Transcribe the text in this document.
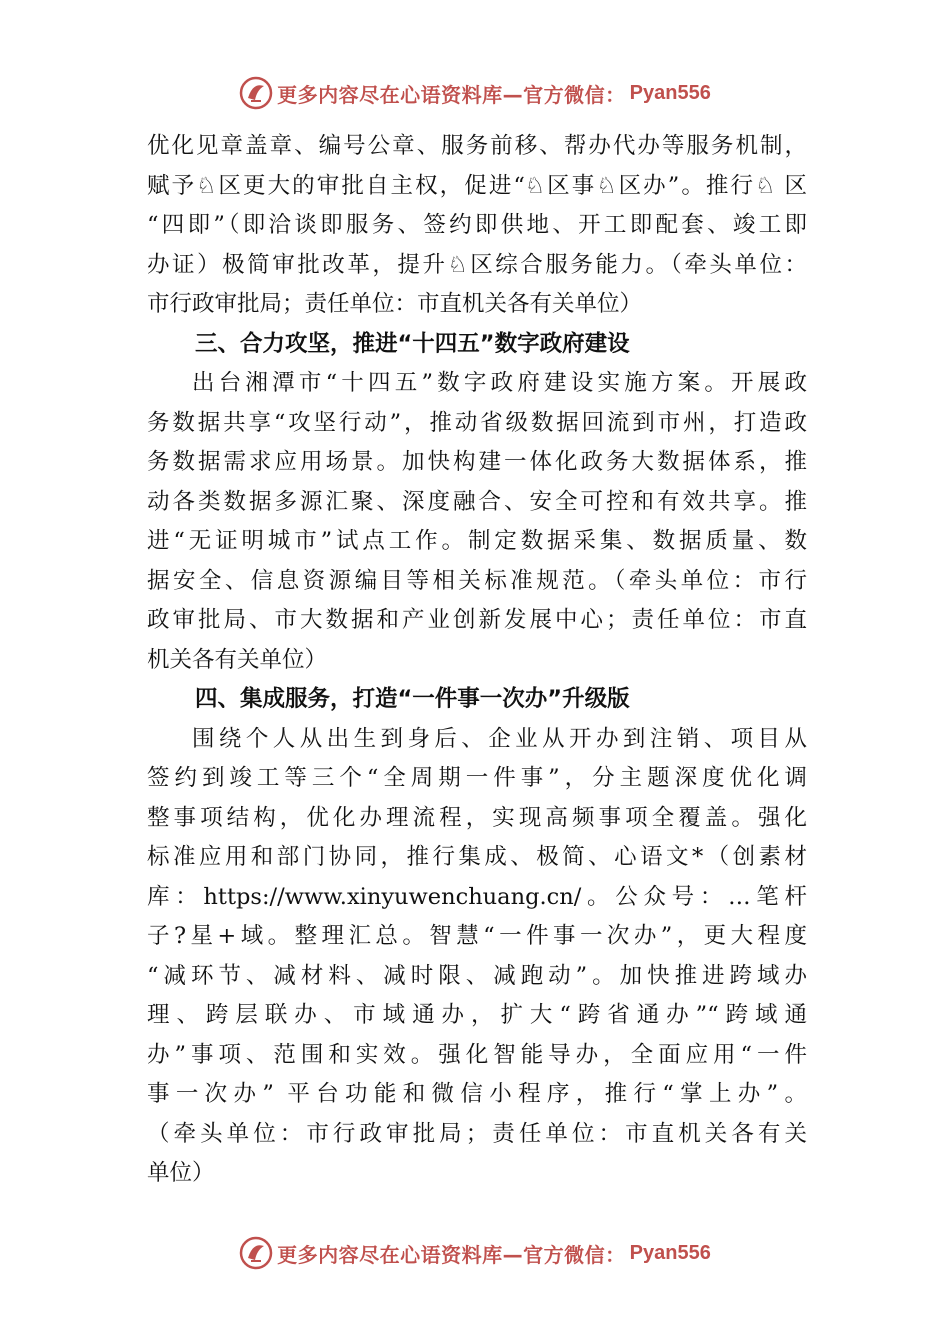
更多内容尽在心语资料库—官方微信： Pyan556
优化见章盖章、编号公章、服务前移、帮办代办等服务机制，
赋予♘区更大的审批自主权，促进“♘区事♘区办”。推行♘ 区
“四即”（即洽谈即服务、签约即供地、开工即配套、竣工即
办证）极简审批改革，提升♘区综合服务能力。（牵头单位：
市行政审批局；责任单位：市直机关各有关单位）
三、合力攻坚，推进“十四五”数字政府建设
出台湘潭市“十四五”数字政府建设实施方案。开展政
务数据共享“攻坚行动”，推动省级数据回流到市州，打造政
务数据需求应用场景。加快构建一体化政务大数据体系，推
动各类数据多源汇聚、深度融合、安全可控和有效共享。推
进“无证明城市”试点工作。制定数据采集、数据质量、数
据安全、信息资源编目等相关标准规范。（牵头单位：市行
政审批局、市大数据和产业创新发展中心；责任单位：市直
机关各有关单位）
四、集成服务，打造“一件事一次办”升级版
围绕个人从出生到身后、企业从开办到注销、项目从
签约到竣工等三个“全周期一件事”，分主题深度优化调
整事项结构，优化办理流程，实现高频事项全覆盖。强化
标准应用和部门协同，推行集成、极简、心语文*（创素材
库：https://www.xinyuwenchuang.cn/。公众号：…笔杆
子?星+域。整理汇总。智慧“一件事一次办”，更大程度
“减环节、减材料、减时限、减跑动”。加快推进跨域办
理、跨层联办、市域通办，扩大“跨省通办”“跨域通
办”事项、范围和实效。强化智能导办，全面应用“一件
事一次办” 平台功能和微信小程序，推行“掌上办”。
（牵头单位：市行政审批局；责任单位：市直机关各有关
单位）
更多内容尽在心语资料库—官方微信： Pyan556
